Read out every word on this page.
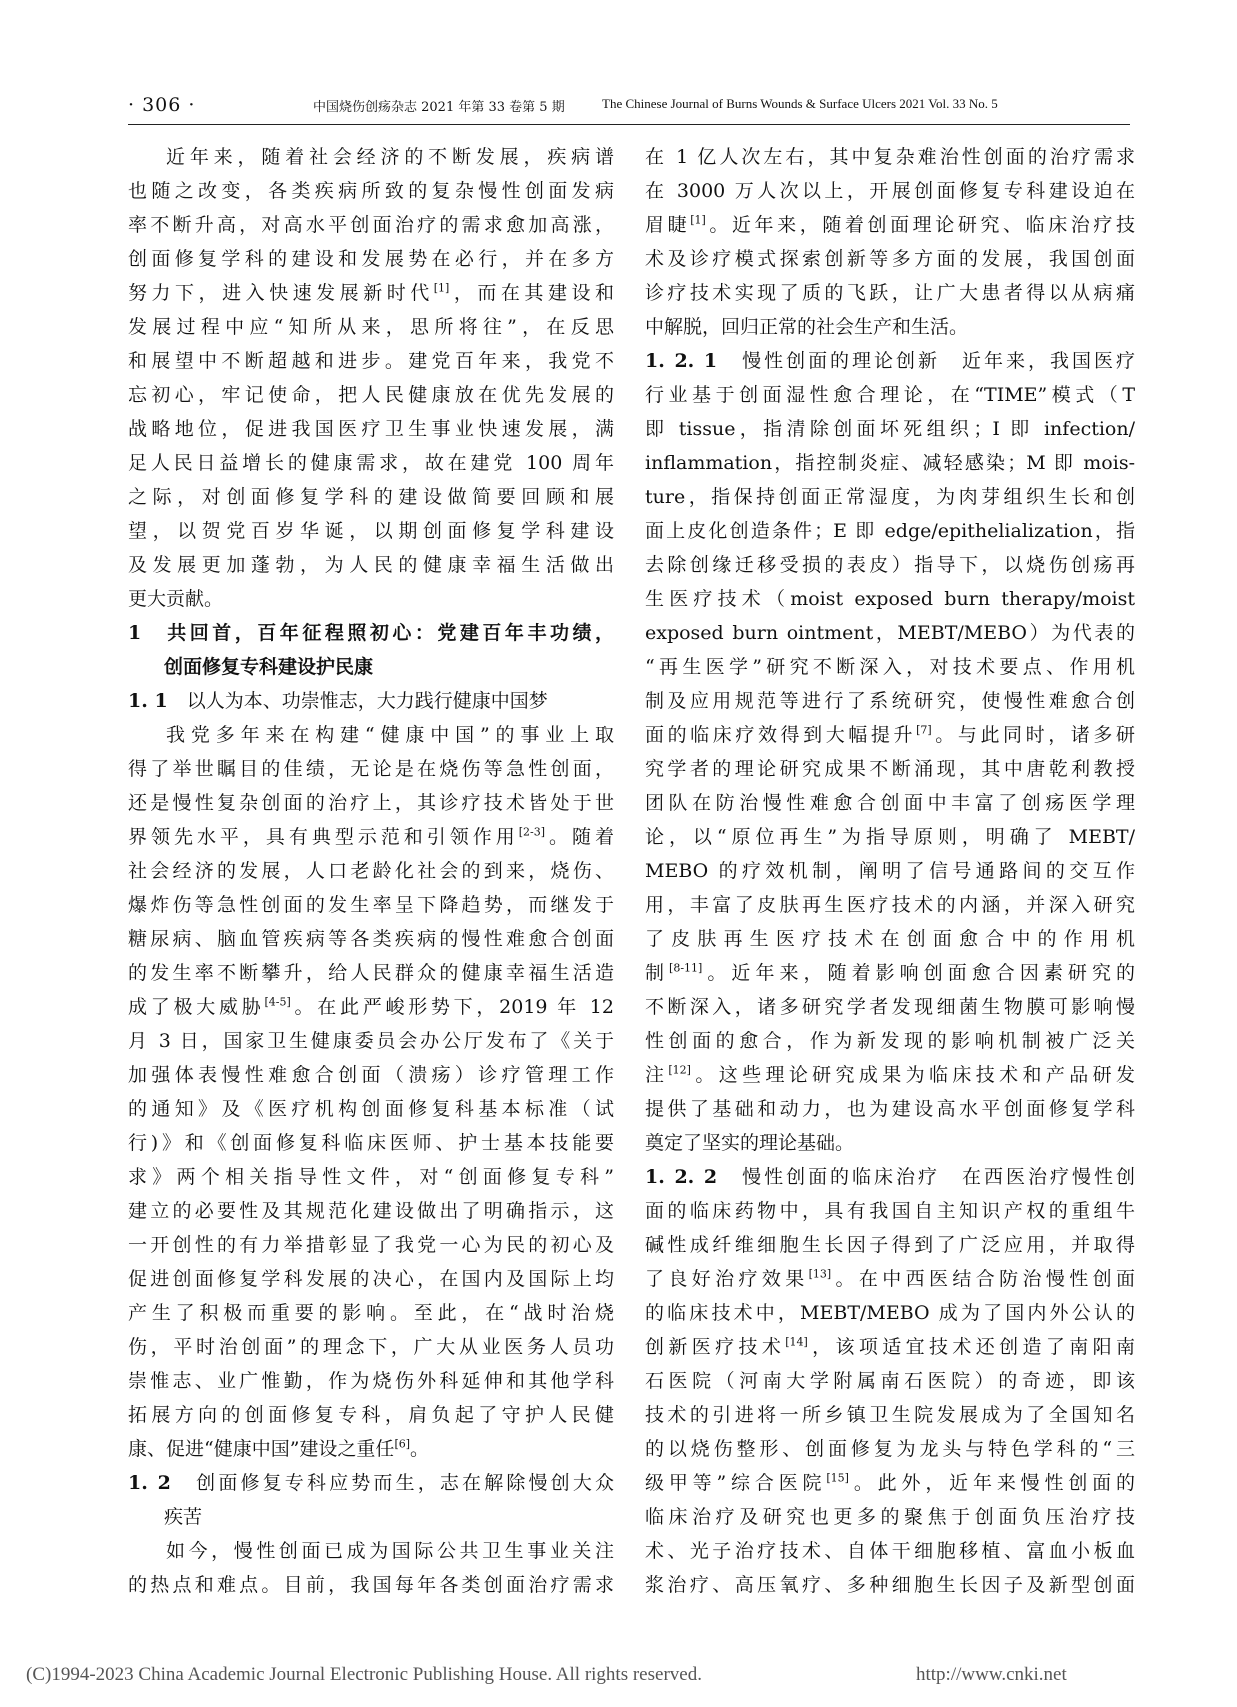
· 306 ·	中国烧伤创疡杂志 2021 年第 33 卷第 5 期	The Chinese Journal of Burns Wounds & Surface Ulcers 2021 Vol. 33 No. 5
近年来，随着社会经济的不断发展，疾病谱
也随之改变，各类疾病所致的复杂慢性创面发病
率不断升高，对高水平创面治疗的需求愈加高涨，
创面修复学科的建设和发展势在必行，并在多方
努力下，进入快速发展新时代[1]，而在其建设和
发展过程中应“知所从来，思所将往”，在反思
和展望中不断超越和进步。建党百年来，我党不
忘初心，牢记使命，把人民健康放在优先发展的
战略地位，促进我国医疗卫生事业快速发展，满
足人民日益增长的健康需求，故在建党 100 周年
之际，对创面修复学科的建设做简要回顾和展
望，以贺党百岁华诞，以期创面修复学科建设
及发展更加蓬勃，为人民的健康幸福生活做出
更大贡献。
1　共回首，百年征程照初心：党建百年丰功绩，
创面修复专科建设护民康
1. 1　 以人为本、功崇惟志，大力践行健康中国梦
我党多年来在构建“健康中国”的事业上取
得了举世瞩目的佳绩，无论是在烧伤等急性创面，
还是慢性复杂创面的治疗上，其诊疗技术皆处于世
界领先水平，具有典型示范和引领作用[2-3]。随着
社会经济的发展，人口老龄化社会的到来，烧伤、
爆炸伤等急性创面的发生率呈下降趋势，而继发于
糖尿病、脑血管疾病等各类疾病的慢性难愈合创面
的发生率不断攀升，给人民群众的健康幸福生活造
成了极大威胁[4-5]。在此严峻形势下，2019 年 12
月 3 日，国家卫生健康委员会办公厅发布了《关于
加强体表慢性难愈合创面（溃疡）诊疗管理工作
的通知》及《医疗机构创面修复科基本标准（试
行)》和《创面修复科临床医师、护士基本技能要
求》两个相关指导性文件，对“创面修复专科”
建立的必要性及其规范化建设做出了明确指示，这
一开创性的有力举措彰显了我党一心为民的初心及
促进创面修复学科发展的决心，在国内及国际上均
产生了积极而重要的影响。至此，在“战时治烧
伤，平时治创面”的理念下，广大从业医务人员功
崇惟志、业广惟勤，作为烧伤外科延伸和其他学科
拓展方向的创面修复专科，肩负起了守护人民健
康、促进“健康中国”建设之重任[6]。
1. 2　 创面修复专科应势而生，志在解除慢创大众
疾苦
如今，慢性创面已成为国际公共卫生事业关注
的热点和难点。目前，我国每年各类创面治疗需求
在 1 亿人次左右，其中复杂难治性创面的治疗需求
在 3000 万人次以上，开展创面修复专科建设迫在
眉睫[1]。近年来，随着创面理论研究、临床治疗技
术及诊疗模式探索创新等多方面的发展，我国创面
诊疗技术实现了质的飞跃，让广大患者得以从病痛
中解脱，回归正常的社会生产和生活。
1. 2. 1　 慢性创面的理论创新　 近年来，我国医疗
行业基于创面湿性愈合理论，在“TIME”模式（T
即 tissue，指清除创面坏死组织；I 即 infection/
inflammation，指控制炎症、减轻感染；M 即 mois-
ture，指保持创面正常湿度，为肉芽组织生长和创
面上皮化创造条件；E 即 edge/epithelialization，指
去除创缘迁移受损的表皮）指导下，以烧伤创疡再
生医疗技术（moist exposed burn therapy/moist
exposed burn ointment，MEBT/MEBO）为代表的
“再生医学”研究不断深入，对技术要点、作用机
制及应用规范等进行了系统研究，使慢性难愈合创
面的临床疗效得到大幅提升[7]。与此同时，诸多研
究学者的理论研究成果不断涌现，其中唐乾利教授
团队在防治慢性难愈合创面中丰富了创疡医学理
论，以“原位再生”为指导原则，明确了 MEBT/
MEBO 的疗效机制，阐明了信号通路间的交互作
用，丰富了皮肤再生医疗技术的内涵，并深入研究
了皮肤再生医疗技术在创面愈合中的作用机
制[8-11]。近年来，随着影响创面愈合因素研究的
不断深入，诸多研究学者发现细菌生物膜可影响慢
性创面的愈合，作为新发现的影响机制被广泛关
注[12]。这些理论研究成果为临床技术和产品研发
提供了基础和动力，也为建设高水平创面修复学科
奠定了坚实的理论基础。
1. 2. 2　 慢性创面的临床治疗　 在西医治疗慢性创
面的临床药物中，具有我国自主知识产权的重组牛
碱性成纤维细胞生长因子得到了广泛应用，并取得
了良好治疗效果[13]。在中西医结合防治慢性创面
的临床技术中，MEBT/MEBO 成为了国内外公认的
创新医疗技术[14]，该项适宜技术还创造了南阳南
石医院（河南大学附属南石医院）的奇迹，即该
技术的引进将一所乡镇卫生院发展成为了全国知名
的以烧伤整形、创面修复为龙头与特色学科的“三
级甲等”综合医院[15]。此外，近年来慢性创面的
临床治疗及研究也更多的聚焦于创面负压治疗技
术、光子治疗技术、自体干细胞移植、富血小板血
浆治疗、高压氧疗、多种细胞生长因子及新型创面
(C)1994-2023 China Academic Journal Electronic Publishing House. All rights reserved.	http://www.cnki.net
